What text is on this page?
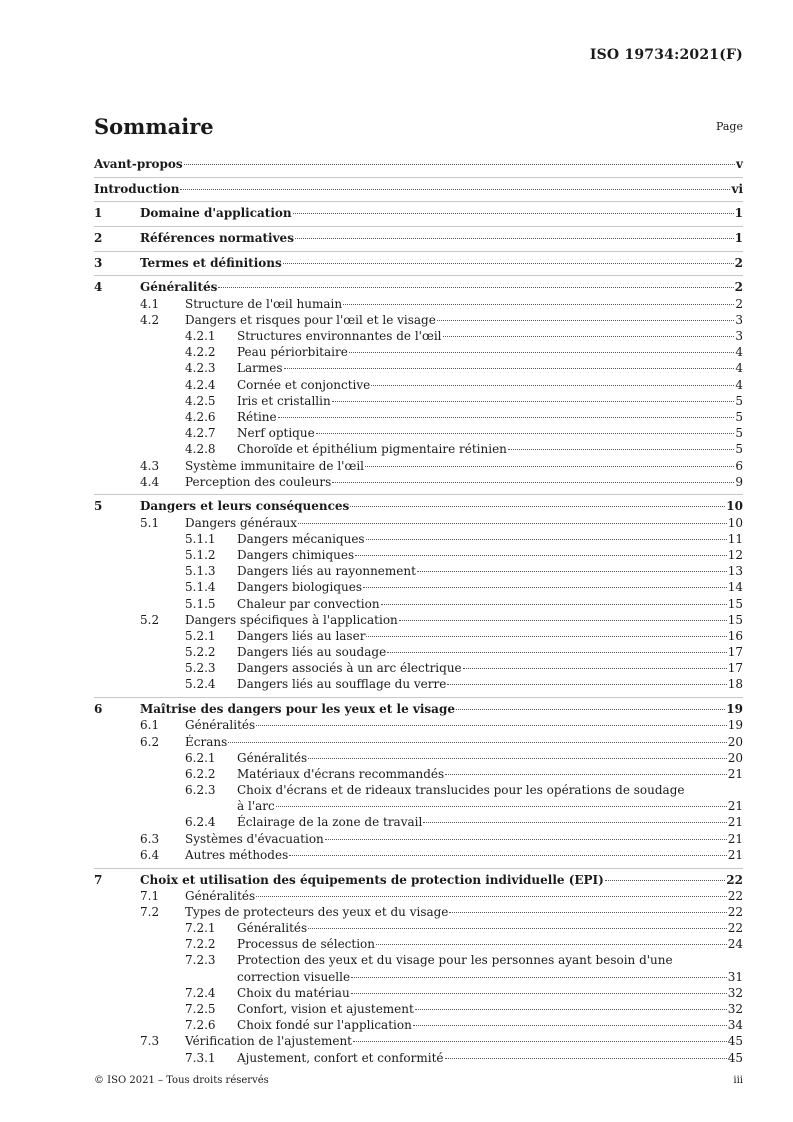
ISO 19734:2021(F)
Sommaire	Page
Avant-propos	v
Introduction	vi
1	Domaine d'application	1
2	Références normatives	1
3	Termes et définitions	2
4	Généralités	2
4.1 Structure de l'œil humain	2
4.2 Dangers et risques pour l'œil et le visage	3
4.2.1 Structures environnantes de l'œil	3
4.2.2 Peau périorbitaire	4
4.2.3 Larmes	4
4.2.4 Cornée et conjonctive	4
4.2.5 Iris et cristallin	5
4.2.6 Rétine	5
4.2.7 Nerf optique	5
4.2.8 Choroïde et épithélium pigmentaire rétinien	5
4.3 Système immunitaire de l'œil	6
4.4 Perception des couleurs	9
5	Dangers et leurs conséquences	10
5.1 Dangers généraux	10
5.1.1 Dangers mécaniques	11
5.1.2 Dangers chimiques	12
5.1.3 Dangers liés au rayonnement	13
5.1.4 Dangers biologiques	14
5.1.5 Chaleur par convection	15
5.2 Dangers spécifiques à l'application	15
5.2.1 Dangers liés au laser	16
5.2.2 Dangers liés au soudage	17
5.2.3 Dangers associés à un arc électrique	17
5.2.4 Dangers liés au soufflage du verre	18
6	Maîtrise des dangers pour les yeux et le visage	19
6.1 Généralités	19
6.2 Écrans	20
6.2.1 Généralités	20
6.2.2 Matériaux d'écrans recommandés	21
6.2.3 Choix d'écrans et de rideaux translucides pour les opérations de soudage
à l'arc	21
6.2.4 Éclairage de la zone de travail	21
6.3 Systèmes d'évacuation	21
6.4 Autres méthodes	21
7	Choix et utilisation des équipements de protection individuelle (EPI)	22
7.1 Généralités	22
7.2 Types de protecteurs des yeux et du visage	22
7.2.1 Généralités	22
7.2.2 Processus de sélection	24
7.2.3 Protection des yeux et du visage pour les personnes ayant besoin d'une
correction visuelle	31
7.2.4 Choix du matériau	32
7.2.5 Confort, vision et ajustement	32
7.2.6 Choix fondé sur l'application	34
7.3 Vérification de l'ajustement	45
7.3.1 Ajustement, confort et conformité	45
© ISO 2021 – Tous droits réservés	iii
